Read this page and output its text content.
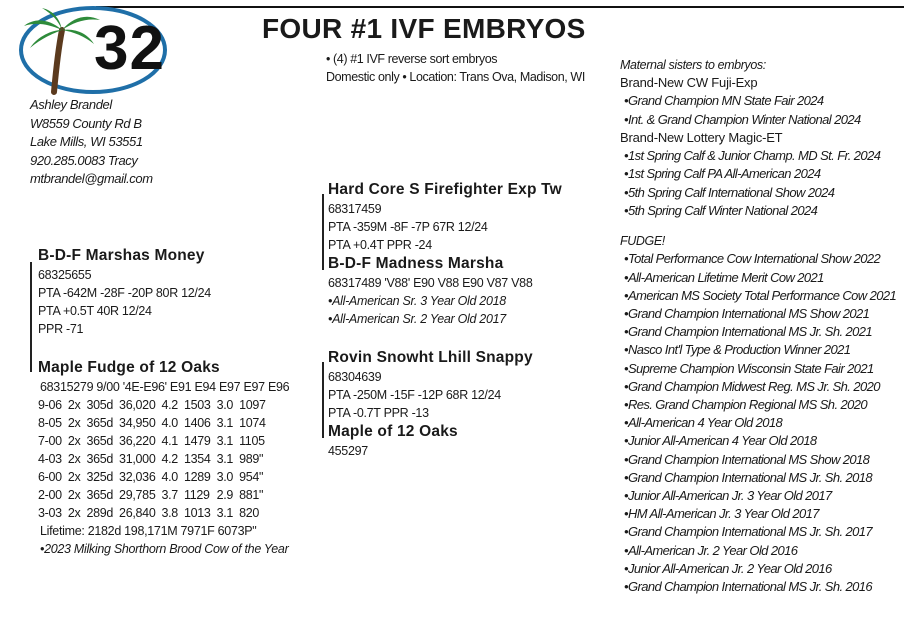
32	FOUR #1 IVF EMBRYOS
• (4) #1 IVF reverse sort embryos
Domestic only • Location: Trans Ova, Madison, WI
Ashley Brandel
W8559 County Rd B
Lake Mills, WI 53551
920.285.0083 Tracy
mtbrandel@gmail.com
B-D-F Marshas Money
68325655
PTA -642M -28F -20P 80R 12/24
PTA +0.5T 40R 12/24
PPR -71
Maple Fudge of 12 Oaks
68315279 9/00 '4E-E96' E91 E94 E97 E97 E96
9-06	2x	305d	36,020	4.2	1503	3.0	1097
8-05	2x	365d	34,950	4.0	1406	3.1	1074
7-00	2x	365d	36,220	4.1	1479	3.1	1105
4-03	2x	365d	31,000	4.2	1354	3.1	989"
6-00	2x	325d	32,036	4.0	1289	3.0	954"
2-00	2x	365d	29,785	3.7	1129	2.9	881"
3-03	2x	289d	26,840	3.8	1013	3.1	820
Lifetime: 2182d 198,171M 7971F 6073P"
•2023 Milking Shorthorn Brood Cow of the Year
Hard Core S Firefighter Exp Tw
68317459
PTA -359M -8F -7P 67R 12/24
PTA +0.4T PPR -24
B-D-F Madness Marsha
68317489 'V88' E90 V88 E90 V87 V88
•All-American Sr. 3 Year Old 2018
•All-American Sr. 2 Year Old 2017
Rovin Snowht Lhill Snappy
68304639
PTA -250M -15F -12P 68R 12/24
PTA -0.7T PPR -13
Maple of 12 Oaks
455297
Maternal sisters to embryos:
Brand-New CW Fuji-Exp
•Grand Champion MN State Fair 2024
•Int. & Grand Champion Winter National 2024
Brand-New Lottery Magic-ET
•1st Spring Calf & Junior Champ. MD St. Fr. 2024
•1st Spring Calf PA All-American 2024
•5th Spring Calf International Show 2024
•5th Spring Calf Winter National 2024
FUDGE!
•Total Performance Cow International Show 2022
•All-American Lifetime Merit Cow 2021
•American MS Society Total Performance Cow 2021
•Grand Champion International MS Show 2021
•Grand Champion International MS Jr. Sh. 2021
•Nasco Int'l Type & Production Winner 2021
•Supreme Champion Wisconsin State Fair 2021
•Grand Champion Midwest Reg. MS Jr. Sh. 2020
•Res. Grand Champion Regional MS Sh. 2020
•All-American 4 Year Old 2018
•Junior All-American 4 Year Old 2018
•Grand Champion International MS Show 2018
•Grand Champion International MS Jr. Sh. 2018
•Junior All-American Jr. 3 Year Old 2017
•HM All-American Jr. 3 Year Old 2017
•Grand Champion International MS Jr. Sh. 2017
•All-American Jr. 2 Year Old 2016
•Junior All-American Jr. 2 Year Old 2016
•Grand Champion International MS Jr. Sh. 2016
